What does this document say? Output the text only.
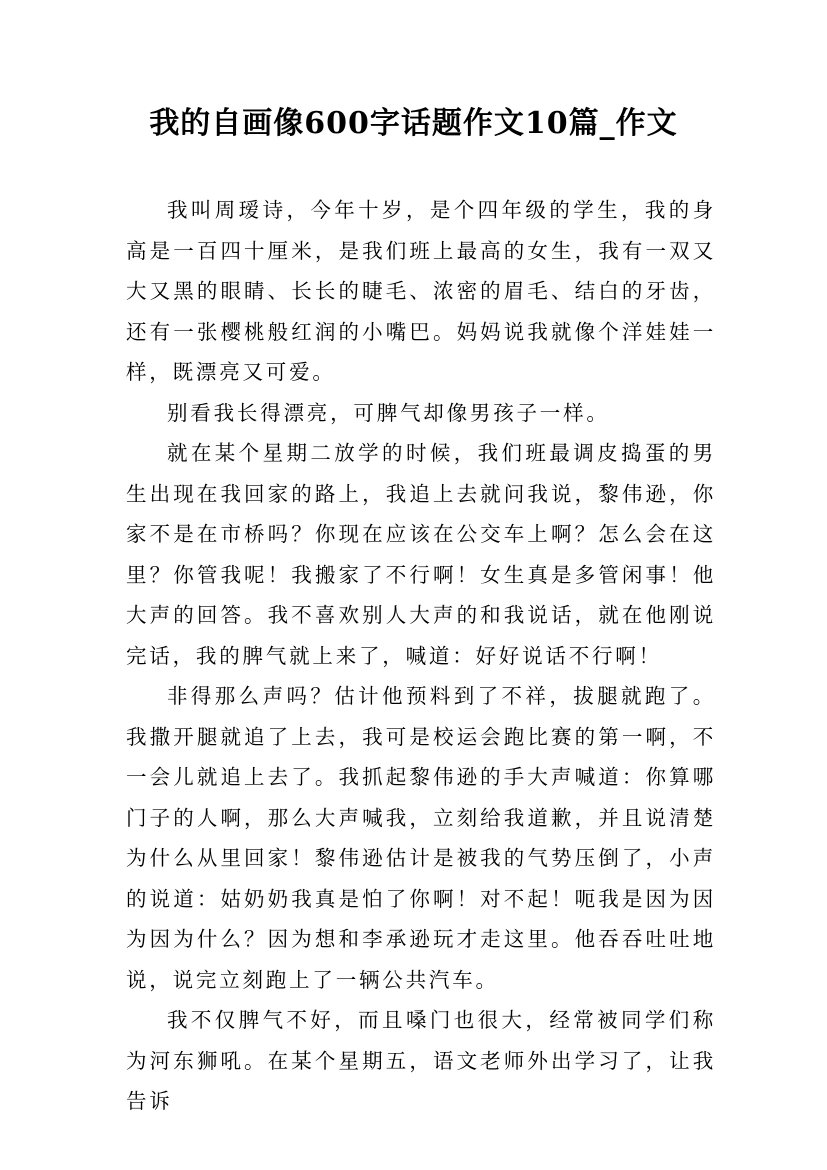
我的自画像600字话题作文10篇_作文

我叫周瑷诗，今年十岁，是个四年级的学生，我的身高是一百四十厘米，是我们班上最高的女生，我有一双又大又黑的眼睛、长长的睫毛、浓密的眉毛、结白的牙齿，还有一张樱桃般红润的小嘴巴。妈妈说我就像个洋娃娃一样，既漂亮又可爱。

别看我长得漂亮，可脾气却像男孩子一样。

就在某个星期二放学的时候，我们班最调皮捣蛋的男生出现在我回家的路上，我追上去就问我说，黎伟逊，你家不是在市桥吗？你现在应该在公交车上啊？怎么会在这里？你管我呢！我搬家了不行啊！女生真是多管闲事！他大声的回答。我不喜欢别人大声的和我说话，就在他刚说完话，我的脾气就上来了，喊道：好好说话不行啊！

非得那么声吗？估计他预料到了不祥，拔腿就跑了。我撒开腿就追了上去，我可是校运会跑比赛的第一啊，不一会儿就追上去了。我抓起黎伟逊的手大声喊道：你算哪门子的人啊，那么大声喊我，立刻给我道歉，并且说清楚为什么从里回家！黎伟逊估计是被我的气势压倒了，小声的说道：姑奶奶我真是怕了你啊！对不起！呃我是因为因为因为什么？因为想和李承逊玩才走这里。他吞吞吐吐地说，说完立刻跑上了一辆公共汽车。

我不仅脾气不好，而且嗓门也很大，经常被同学们称为河东狮吼。在某个星期五，语文老师外出学习了，让我告诉
